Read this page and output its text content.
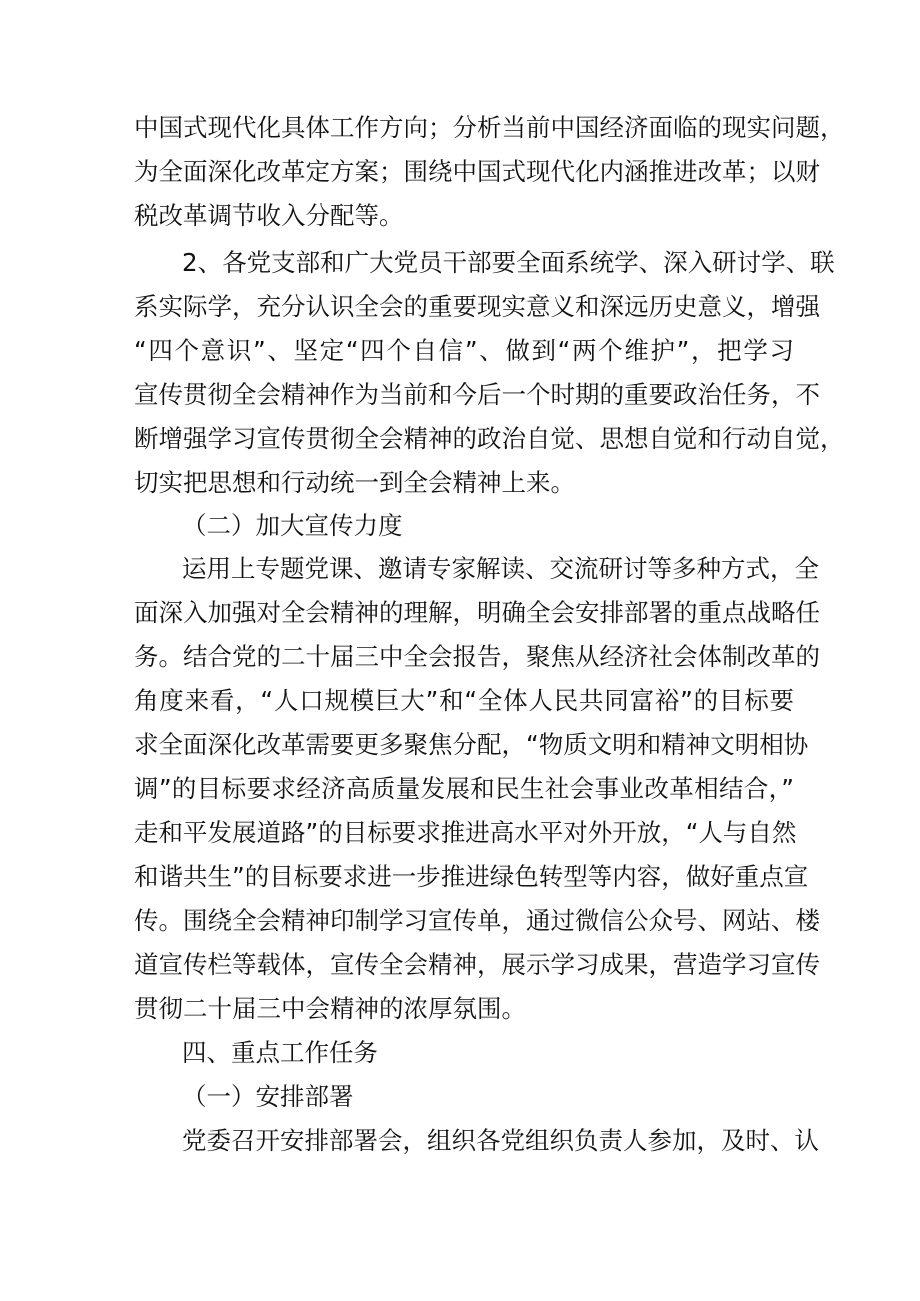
中国式现代化具体工作方向；分析当前中国经济面临的现实问题，
为全面深化改革定方案；围绕中国式现代化内涵推进改革；以财
税改革调节收入分配等。
2、各党支部和广大党员干部要全面系统学、深入研讨学、联
系实际学，充分认识全会的重要现实意义和深远历史意义，增强
“四个意识”、坚定“四个自信”、做到“两个维护”，把学习
宣传贯彻全会精神作为当前和今后一个时期的重要政治任务，不
断增强学习宣传贯彻全会精神的政治自觉、思想自觉和行动自觉，
切实把思想和行动统一到全会精神上来。
（二）加大宣传力度
运用上专题党课、邀请专家解读、交流研讨等多种方式，全
面深入加强对全会精神的理解，明确全会安排部署的重点战略任
务。结合党的二十届三中全会报告，聚焦从经济社会体制改革的
角度来看，“人口规模巨大”和“全体人民共同富裕”的目标要
求全面深化改革需要更多聚焦分配，“物质文明和精神文明相协
调”的目标要求经济高质量发展和民生社会事业改革相结合，”
走和平发展道路”的目标要求推进高水平对外开放，“人与自然
和谐共生”的目标要求进一步推进绿色转型等内容，做好重点宣
传。围绕全会精神印制学习宣传单，通过微信公众号、网站、楼
道宣传栏等载体，宣传全会精神，展示学习成果，营造学习宣传
贯彻二十届三中会精神的浓厚氛围。
四、重点工作任务
（一）安排部署
党委召开安排部署会，组织各党组织负责人参加，及时、认
